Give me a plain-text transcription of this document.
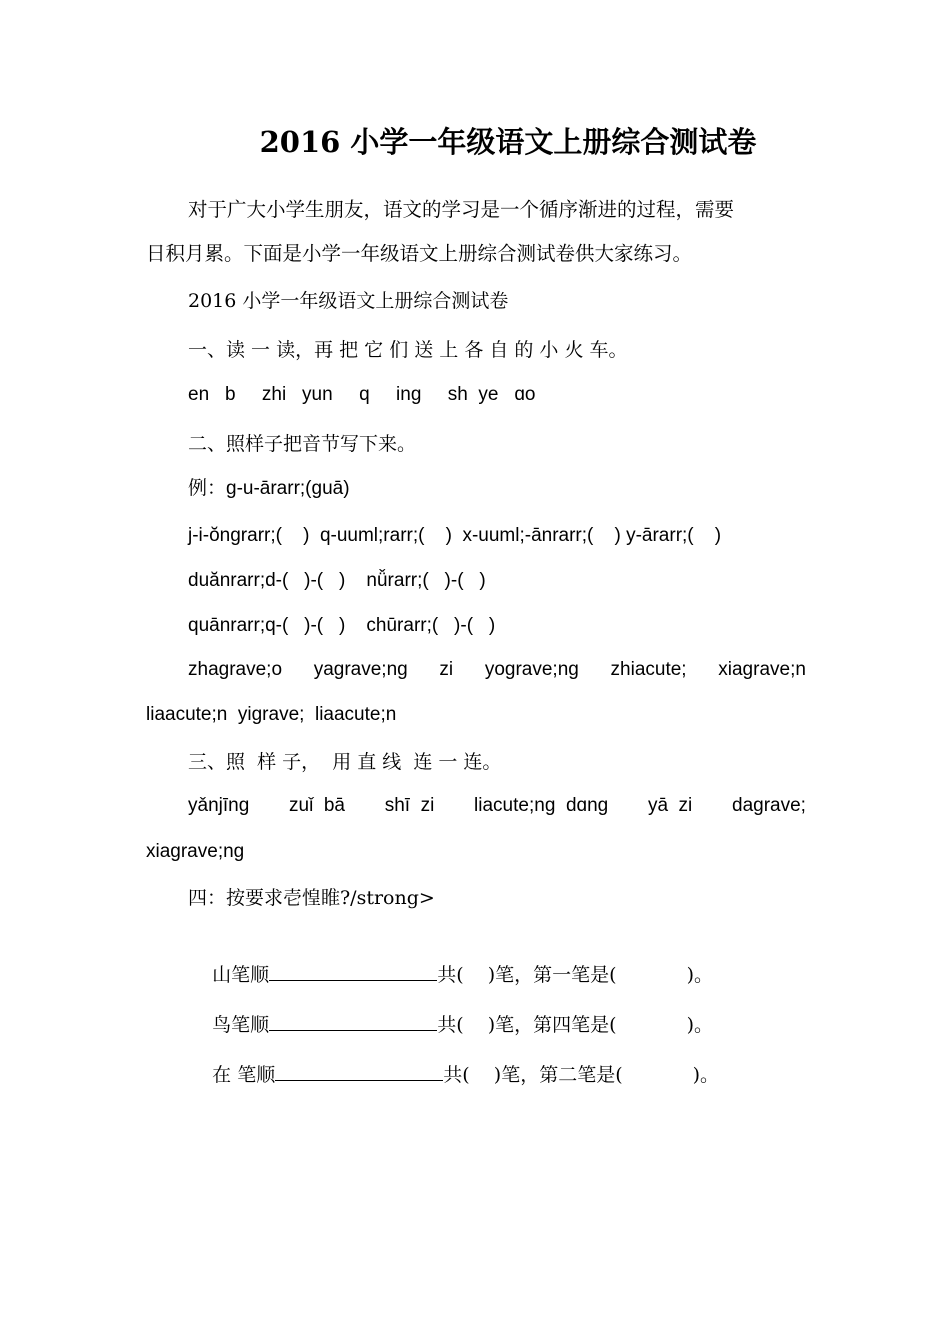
2016 小学一年级语文上册综合测试卷
对于广大小学生朋友，语文的学习是一个循序渐进的过程，需要
日积月累。下面是小学一年级语文上册综合测试卷供大家练习。
2016 小学一年级语文上册综合测试卷
一、读 一 读，再 把 它 们 送 上 各 自 的 小 火 车。
en   b     zhi   yun     q     ing     sh  ye   ɑo
二、照样子把音节写下来。
例：g-u-ārarr;(guā)
j-i-ŏngrarr;(    )  q-uuml;rarr;(    )  x-uuml;-ānrarr;(    ) y-ārarr;(    )
duănrarr;d-(   )-(   )    nǚrarr;(   )-(   )
quānrarr;q-(   )-(   )    chūrarr;(   )-(   )
zhagrave;o yagrave;ng zi yograve;ng zhiacute; xiagrave;n
liaacute;n  yigrave;  liaacute;n
三、照  样 子，  用 直 线  连 一 连。
yǎnjīng zuǐ  bā shī  zi liacute;ng  dɑng yā  zi dagrave;
xiagrave;ng
四：按要求壱惶睢?/strong>

山笔顺	共(    )笔，第一笔是(	)。

鸟笔顺	共(    )笔，第四笔是(	)。

在 笔顺	共(    )笔，第二笔是(	)。
